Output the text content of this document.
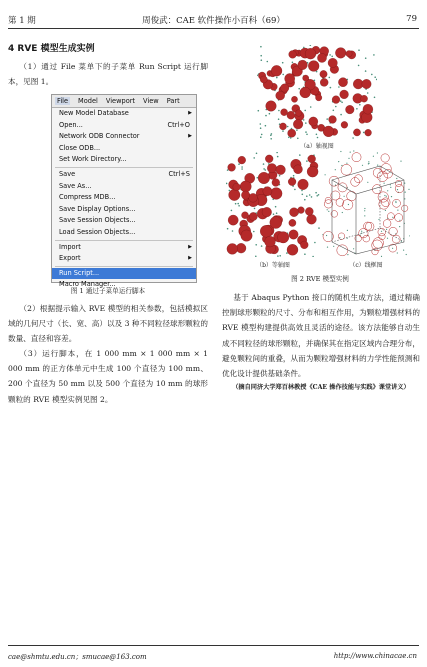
第 1 期	周俊武：CAE 软件操作小百科（69）	79
4 RVE 模型生成实例
（1）通过 File 菜单下的子菜单 Run Script 运行脚本，见图 1。
File	Model Viewport View Part
New Model Database	▶
Open...	Ctrl+O
Network ODB Connector	▶
Close ODB...
Set Work Directory...
Save	Ctrl+S
Save As...
Compress MDB...
Save Display Options...
Save Session Objects...
Load Session Objects...
Import	▶
Export	▶
Run Script...
Macro Manager...
图 1 通过子菜单运行脚本
（2）根据提示输入 RVE 模型的相关参数，包括模拟区域的几何尺寸（长、宽、高）以及 3 种不同粒径球形颗粒的数量、直径和容差。
（3）运行脚本，在 1 000 mm × 1 000 mm × 1 000 mm 的正方体单元中生成 100 个直径为 100 mm、200 个直径为 50 mm 以及 500 个直径为 10 mm 的球形颗粒的 RVE 模型实例见图 2。
（a）轴视图
（b）等轴图	（c）线框图
图 2 RVE 模型实例
基于 Abaqus Python 接口的随机生成方法，通过精确控制球形颗粒的尺寸、分布和相互作用，为颗粒增强材料的 RVE 模型构建提供高效且灵活的途径。该方法能够自动生成不同粒径的球形颗粒，并确保其在指定区域内合理分布，避免颗粒间的重叠，从而为颗粒增强材料的力学性能预测和优化设计提供基础条件。
（摘自同济大学郑百林教授《CAE 操作技能与实践》课堂讲义）
cae@shmtu.edu.cn；smucae@163.com	http://www.chinacae.cn
